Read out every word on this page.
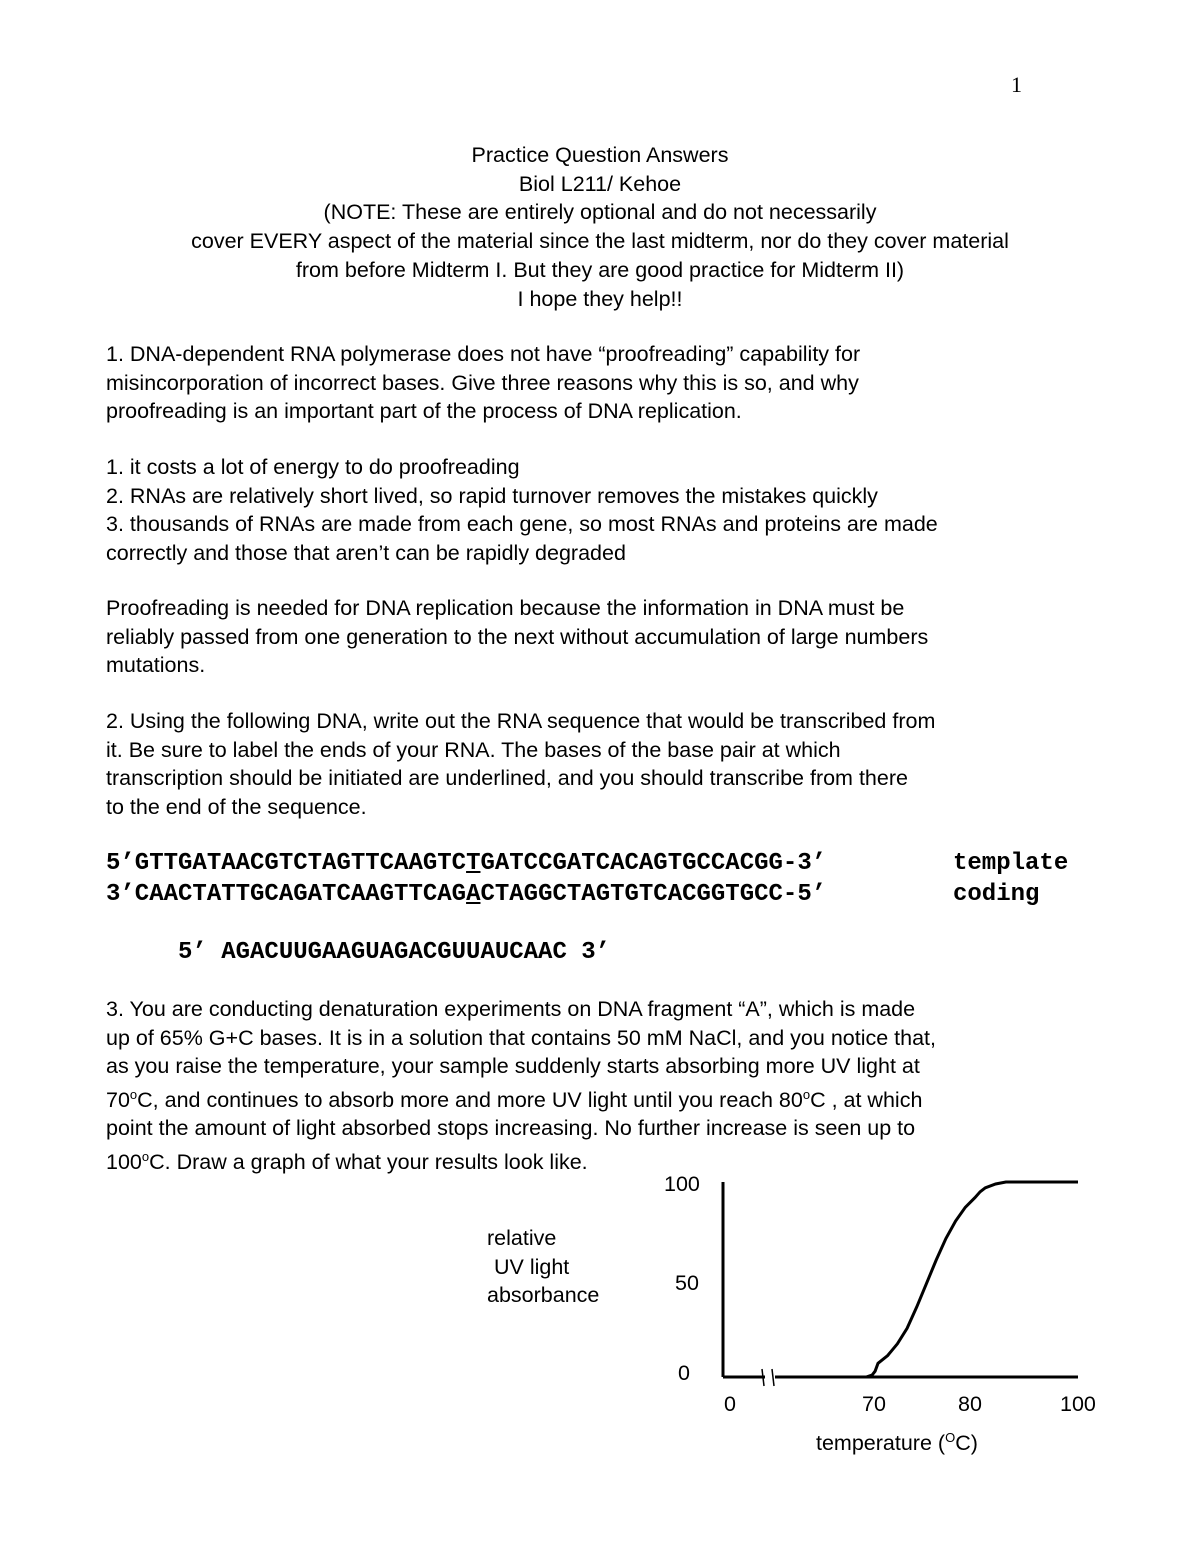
1
Practice Question Answers
Biol L211/ Kehoe
(NOTE: These are entirely optional and do not necessarily
cover EVERY aspect of the material since the last midterm, nor do they cover material
from before Midterm I. But they are good practice for Midterm II)
I hope they help!!
1. DNA-dependent RNA polymerase does not have “proofreading” capability for
misincorporation of incorrect bases. Give three reasons why this is so, and why
proofreading is an important part of the process of DNA replication.
1. it costs a lot of energy to do proofreading
2. RNAs are relatively short lived, so rapid turnover removes the mistakes quickly
3. thousands of RNAs are made from each gene, so most RNAs and proteins are made
correctly and those that aren’t can be rapidly degraded
Proofreading is needed for DNA replication because the information in DNA must be
reliably passed from one generation to the next without accumulation of large numbers
mutations.
2. Using the following DNA, write out the RNA sequence that would be transcribed from
it. Be sure to label the ends of your RNA. The bases of the base pair at which
transcription should be initiated are underlined, and you should transcribe from there
to the end of the sequence.
5’GTTGATAACGTCTAGTTCAAGTCTGATCCGATCACAGTGCCACGG-3’	template
3’CAACTATTGCAGATCAAGTTCAGACTAGGCTAGTGTCACGGTGCC-5’	coding
5’ AGACUUGAAGUAGACGUUAUCAAC 3’
3. You are conducting denaturation experiments on DNA fragment “A”, which is made
up of 65% G+C bases. It is in a solution that contains 50 mM NaCl, and you notice that,
as you raise the temperature, your sample suddenly starts absorbing more UV light at
70$^o$C, and continues to absorb more and more UV light until you reach 80$^o$C , at which
point the amount of light absorbed stops increasing. No further increase is seen up to
100$^o$C. Draw a graph of what your results look like.
relative
UV light
absorbance
100
50
0
0	70	80	100
temperature ($^O$C)
